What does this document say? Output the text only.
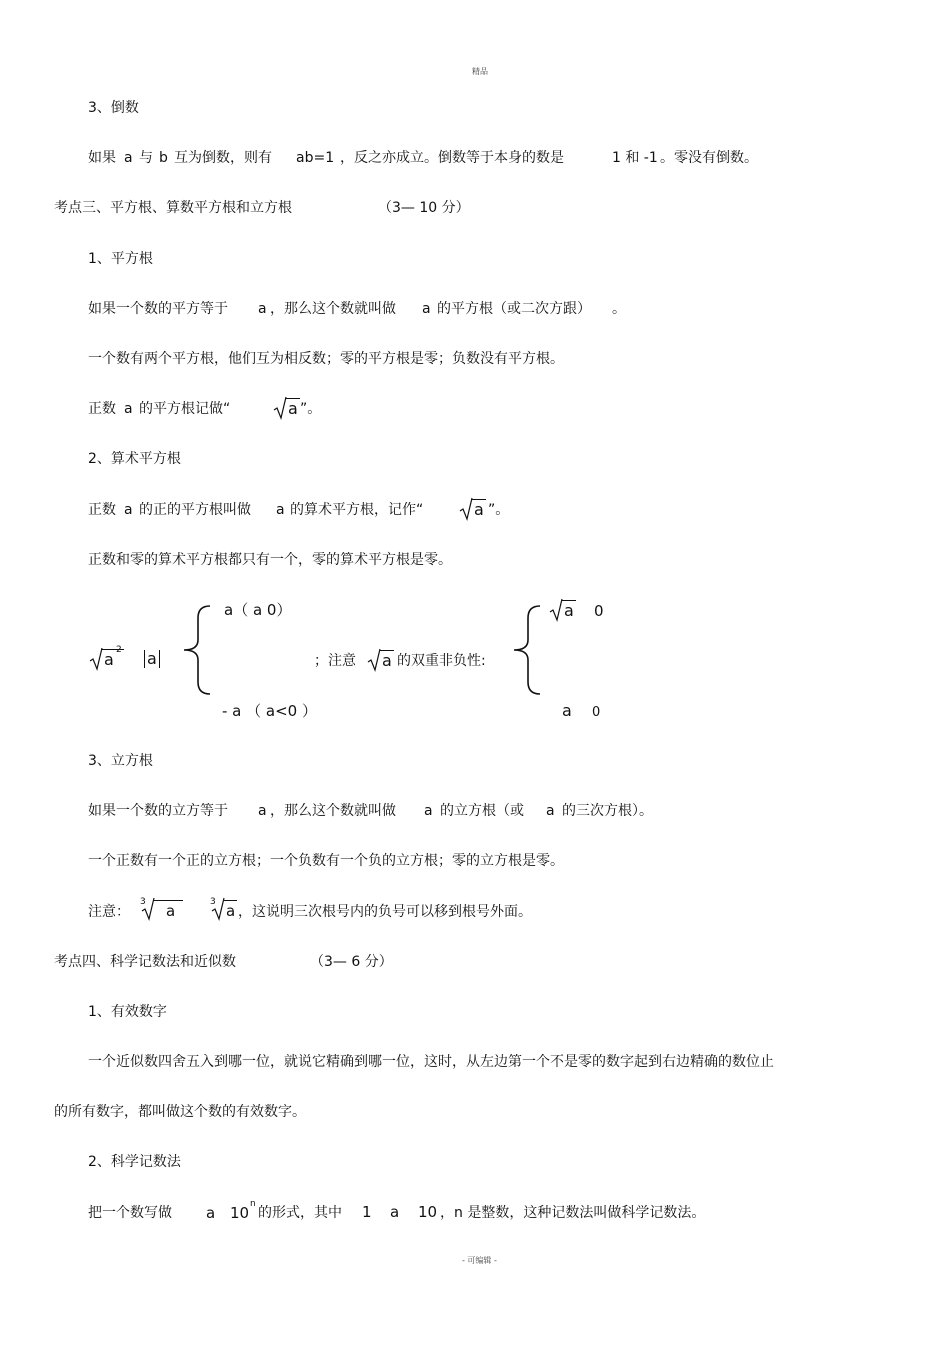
精品
- 可编辑 -
3、倒数
如果 a 与 b 互为倒数，则有 ab=1 ，反之亦成立。倒数等于本身的数是	1 和 -1 。零没有倒数。
考点三、平方根、算数平方根和立方根	（3— 10 分）
1、平方根
如果一个数的平方等于 a ，那么这个数就叫做 a 的平方根（或二次方跟） 。
一个数有两个平方根，他们互为相反数；零的平方根是零；负数没有平方根。
正数 a 的平方根记做“	a ”。
2、算术平方根
正数 a 的正的平方根叫做 a 的算术平方根，记作“	a ”。
正数和零的算术平方根都只有一个，零的算术平方根是零。
a 2 a
a（ a 0）
- a （ a<0 ）
；注意 a 的双重非负性:
a 0
a 0
3、立方根
如果一个数的立方等于 a ，那么这个数就叫做 a 的立方根（或 a 的三次方根）。
一个正数有一个正的立方根；一个负数有一个负的立方根；零的立方根是零。
注意：
3	a	3 a ，这说明三次根号内的负号可以移到根号外面。
考点四、科学记数法和近似数	（3— 6 分）
1、有效数字
一个近似数四舍五入到哪一位，就说它精确到哪一位，这时，从左边第一个不是零的数字起到右边精确的数位止
的所有数字，都叫做这个数的有效数字。
2、科学记数法
把一个数写做 a 10 n
的形式，其中 1 a 10 ，n 是整数，这种记数法叫做科学记数法。
